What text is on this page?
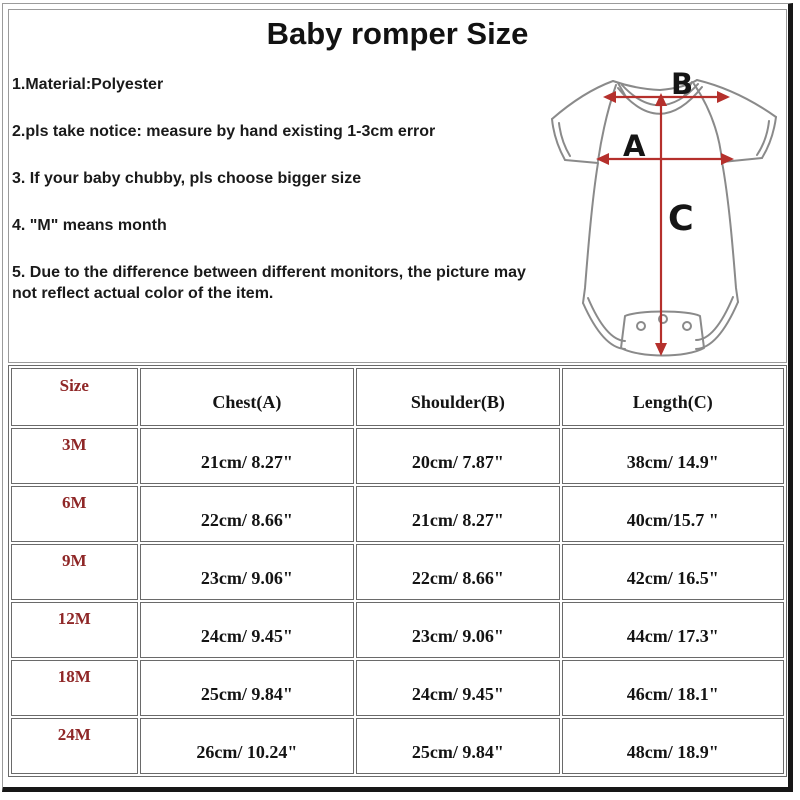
Baby romper Size
1.Material:Polyester
2.pls take notice: measure by hand existing 1-3cm error
3. If your baby chubby, pls choose bigger size
4. "M" means month
5. Due to the difference between different monitors, the picture may not reflect actual color of the item.
A
B
C
Size	Chest(A)	Shoulder(B)	Length(C)
3M	21cm/ 8.27"	20cm/ 7.87"	38cm/ 14.9"
6M	22cm/ 8.66"	21cm/ 8.27"	40cm/15.7 "
9M	23cm/ 9.06"	22cm/ 8.66"	42cm/ 16.5"
12M	24cm/ 9.45"	23cm/ 9.06"	44cm/ 17.3"
18M	25cm/ 9.84"	24cm/ 9.45"	46cm/ 18.1"
24M	26cm/ 10.24"	25cm/ 9.84"	48cm/ 18.9"
